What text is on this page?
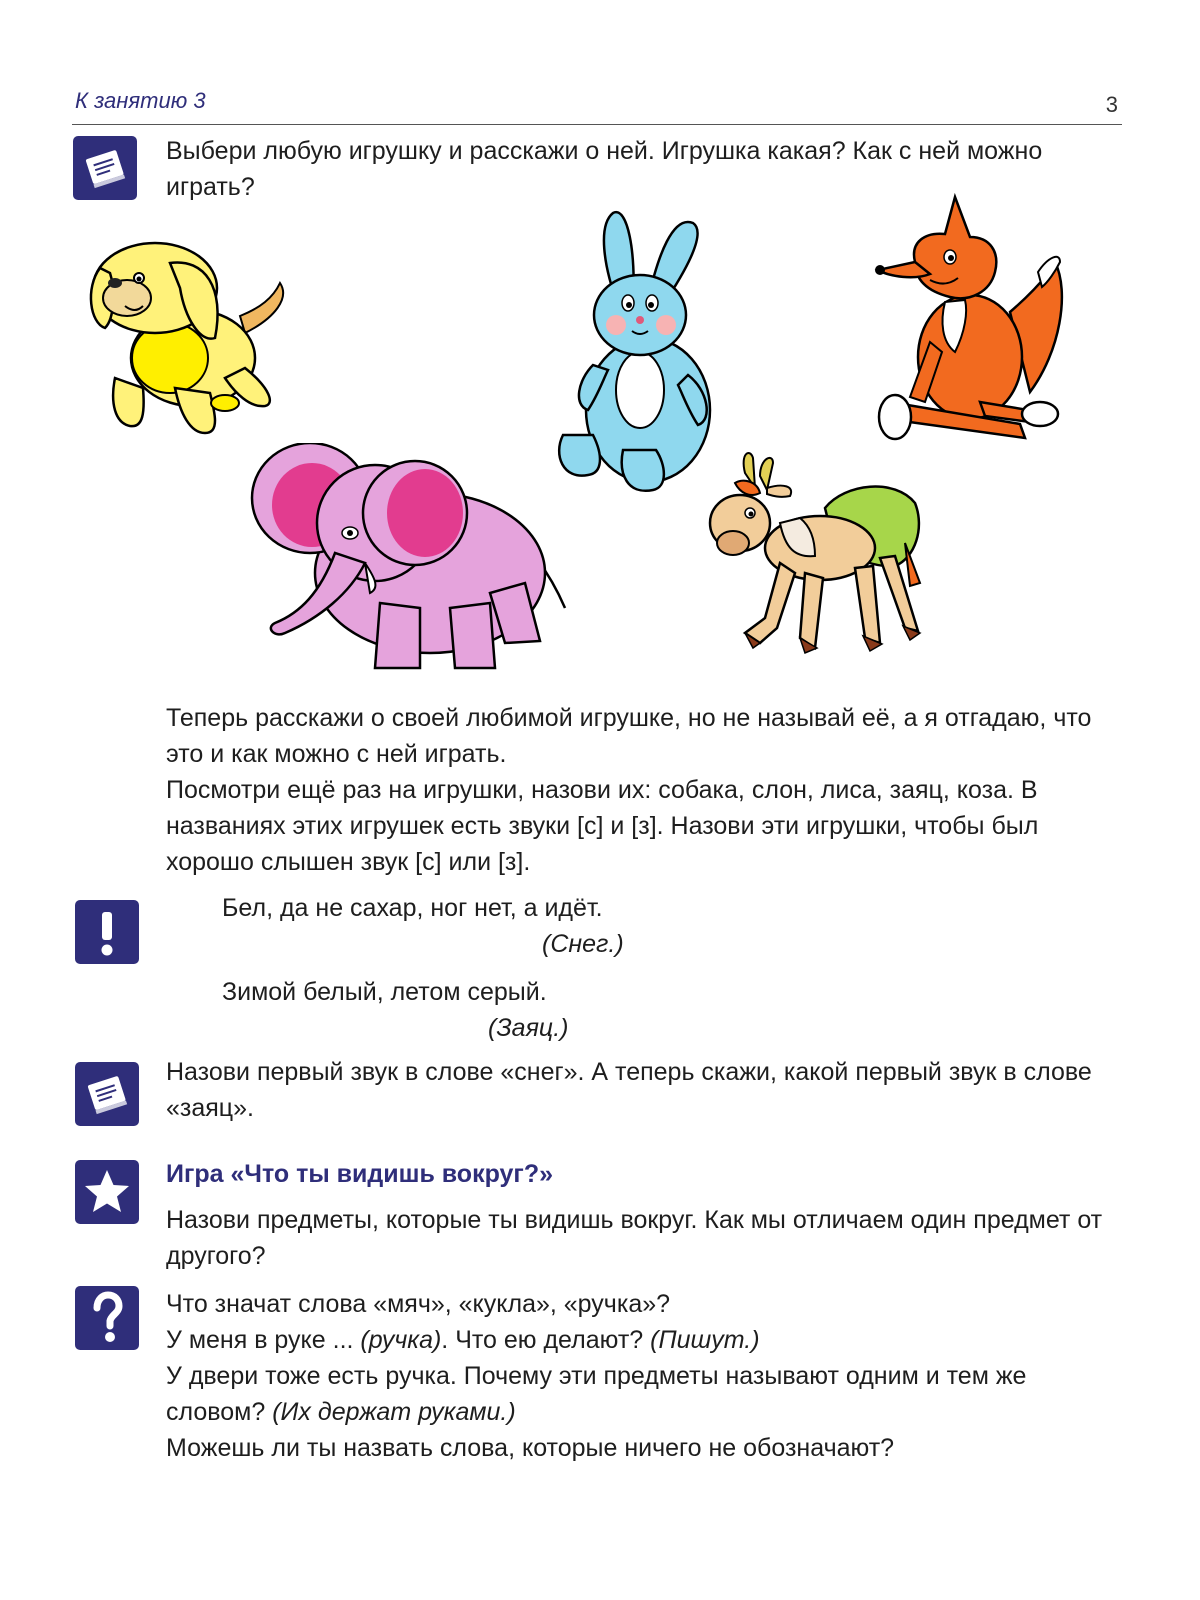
К занятию 3	3
Выбери любую игрушку и расскажи о ней. Игрушка какая? Как с ней можно играть?

Теперь расскажи о своей любимой игрушке, но не называй её, а я отгадаю, что это и как можно с ней играть.

Посмотри ещё раз на игрушки, назови их: собака, слон, лиса, заяц, коза. В названиях этих игрушек есть звуки [с] и [з]. Назови эти игрушки, чтобы был хорошо слышен звук [с] или [з].

Бел, да не сахар, ног нет, а идёт.
(Снег.)
Зимой белый, летом серый.
(Заяц.)
Назови первый звук в слове «снег». А теперь скажи, какой первый звук в слове «заяц».
Игра «Что ты видишь вокруг?»
Назови предметы, которые ты видишь вокруг. Как мы отличаем один предмет от другого?

Что значат слова «мяч», «кукла», «ручка»?

У меня в руке ... (ручка). Что ею делают? (Пишут.)

У двери тоже есть ручка. Почему эти предметы называют одним и тем же словом? (Их держат руками.)

Можешь ли ты назвать слова, которые ничего не обозначают?
